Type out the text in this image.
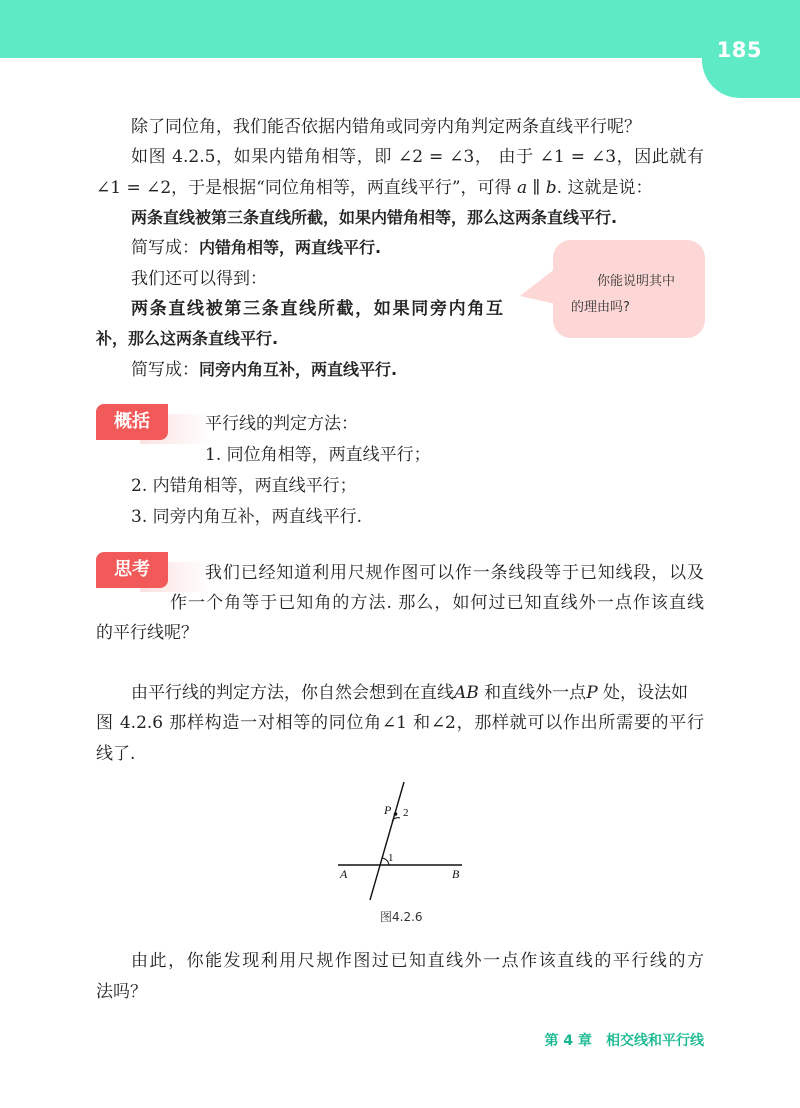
185
除了同位角，我们能否依据内错角或同旁内角判定两条直线平行呢？
如图 4.2.5，如果内错角相等，即 ∠2 = ∠3， 由于 ∠1 = ∠3，因此就有
∠1 = ∠2，于是根据“同位角相等，两直线平行”，可得 a ∥ b. 这就是说：
两条直线被第三条直线所截，如果内错角相等，那么这两条直线平行.
简写成：内错角相等，两直线平行.
我们还可以得到：
两条直线被第三条直线所截，如果同旁内角互
补，那么这两条直线平行.
简写成：同旁内角互补，两直线平行.
你能说明其中
的理由吗?
概括	平行线的判定方法：
1. 同位角相等，两直线平行；
2. 内错角相等，两直线平行；
3. 同旁内角互补，两直线平行.
思考	我们已经知道利用尺规作图可以作一条线段等于已知线段，以及
作一个角等于已知角的方法. 那么，如何过已知直线外一点作该直线
的平行线呢？
由平行线的判定方法，你自然会想到在直线AB 和直线外一点P 处，设法如
图 4.2.6 那样构造一对相等的同位角∠1 和∠2，那样就可以作出所需要的平行
线了.
P 2
1
A	B
图4.2.6
由此，你能发现利用尺规作图过已知直线外一点作该直线的平行线的方
法吗？
第 4 章　相交线和平行线
